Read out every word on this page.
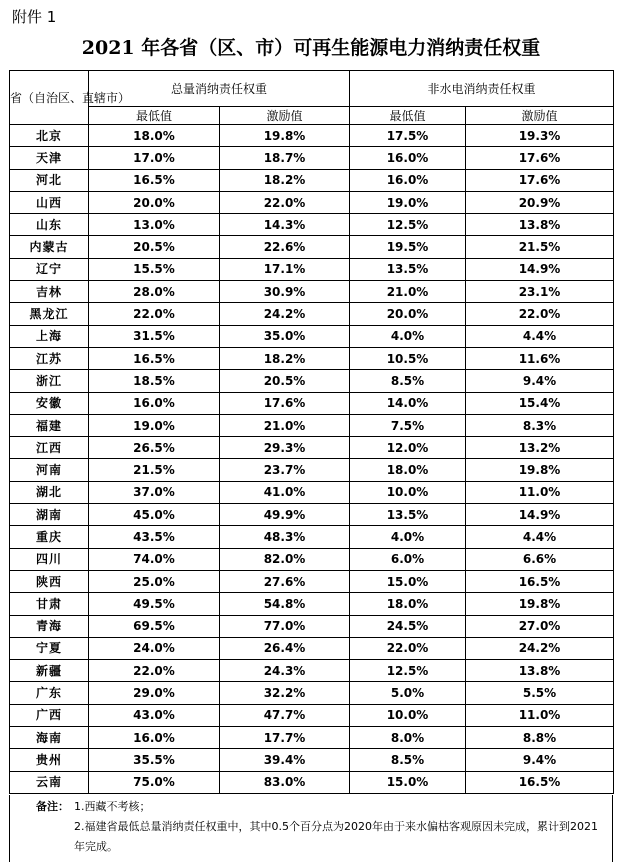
附件 1
2021 年各省（区、市）可再生能源电力消纳责任权重
省（自治区、直辖市）	总量消纳责任权重		非水电消纳责任权重	
	最低值	激励值	最低值	激励值
北京	18.0%	19.8%	17.5%	19.3%
天津	17.0%	18.7%	16.0%	17.6%
河北	16.5%	18.2%	16.0%	17.6%
山西	20.0%	22.0%	19.0%	20.9%
山东	13.0%	14.3%	12.5%	13.8%
内蒙古	20.5%	22.6%	19.5%	21.5%
辽宁	15.5%	17.1%	13.5%	14.9%
吉林	28.0%	30.9%	21.0%	23.1%
黑龙江	22.0%	24.2%	20.0%	22.0%
上海	31.5%	35.0%	4.0%	4.4%
江苏	16.5%	18.2%	10.5%	11.6%
浙江	18.5%	20.5%	8.5%	9.4%
安徽	16.0%	17.6%	14.0%	15.4%
福建	19.0%	21.0%	7.5%	8.3%
江西	26.5%	29.3%	12.0%	13.2%
河南	21.5%	23.7%	18.0%	19.8%
湖北	37.0%	41.0%	10.0%	11.0%
湖南	45.0%	49.9%	13.5%	14.9%
重庆	43.5%	48.3%	4.0%	4.4%
四川	74.0%	82.0%	6.0%	6.6%
陕西	25.0%	27.6%	15.0%	16.5%
甘肃	49.5%	54.8%	18.0%	19.8%
青海	69.5%	77.0%	24.5%	27.0%
宁夏	24.0%	26.4%	22.0%	24.2%
新疆	22.0%	24.3%	12.5%	13.8%
广东	29.0%	32.2%	5.0%	5.5%
广西	43.0%	47.7%	10.0%	11.0%
海南	16.0%	17.7%	8.0%	8.8%
贵州	35.5%	39.4%	8.5%	9.4%
云南	75.0%	83.0%	15.0%	16.5%
备注： 1.西藏不考核；
2.福建省最低总量消纳责任权重中，其中0.5个百分点为2020年由于来水偏枯客观原因未完成，累计到2021年完成。
